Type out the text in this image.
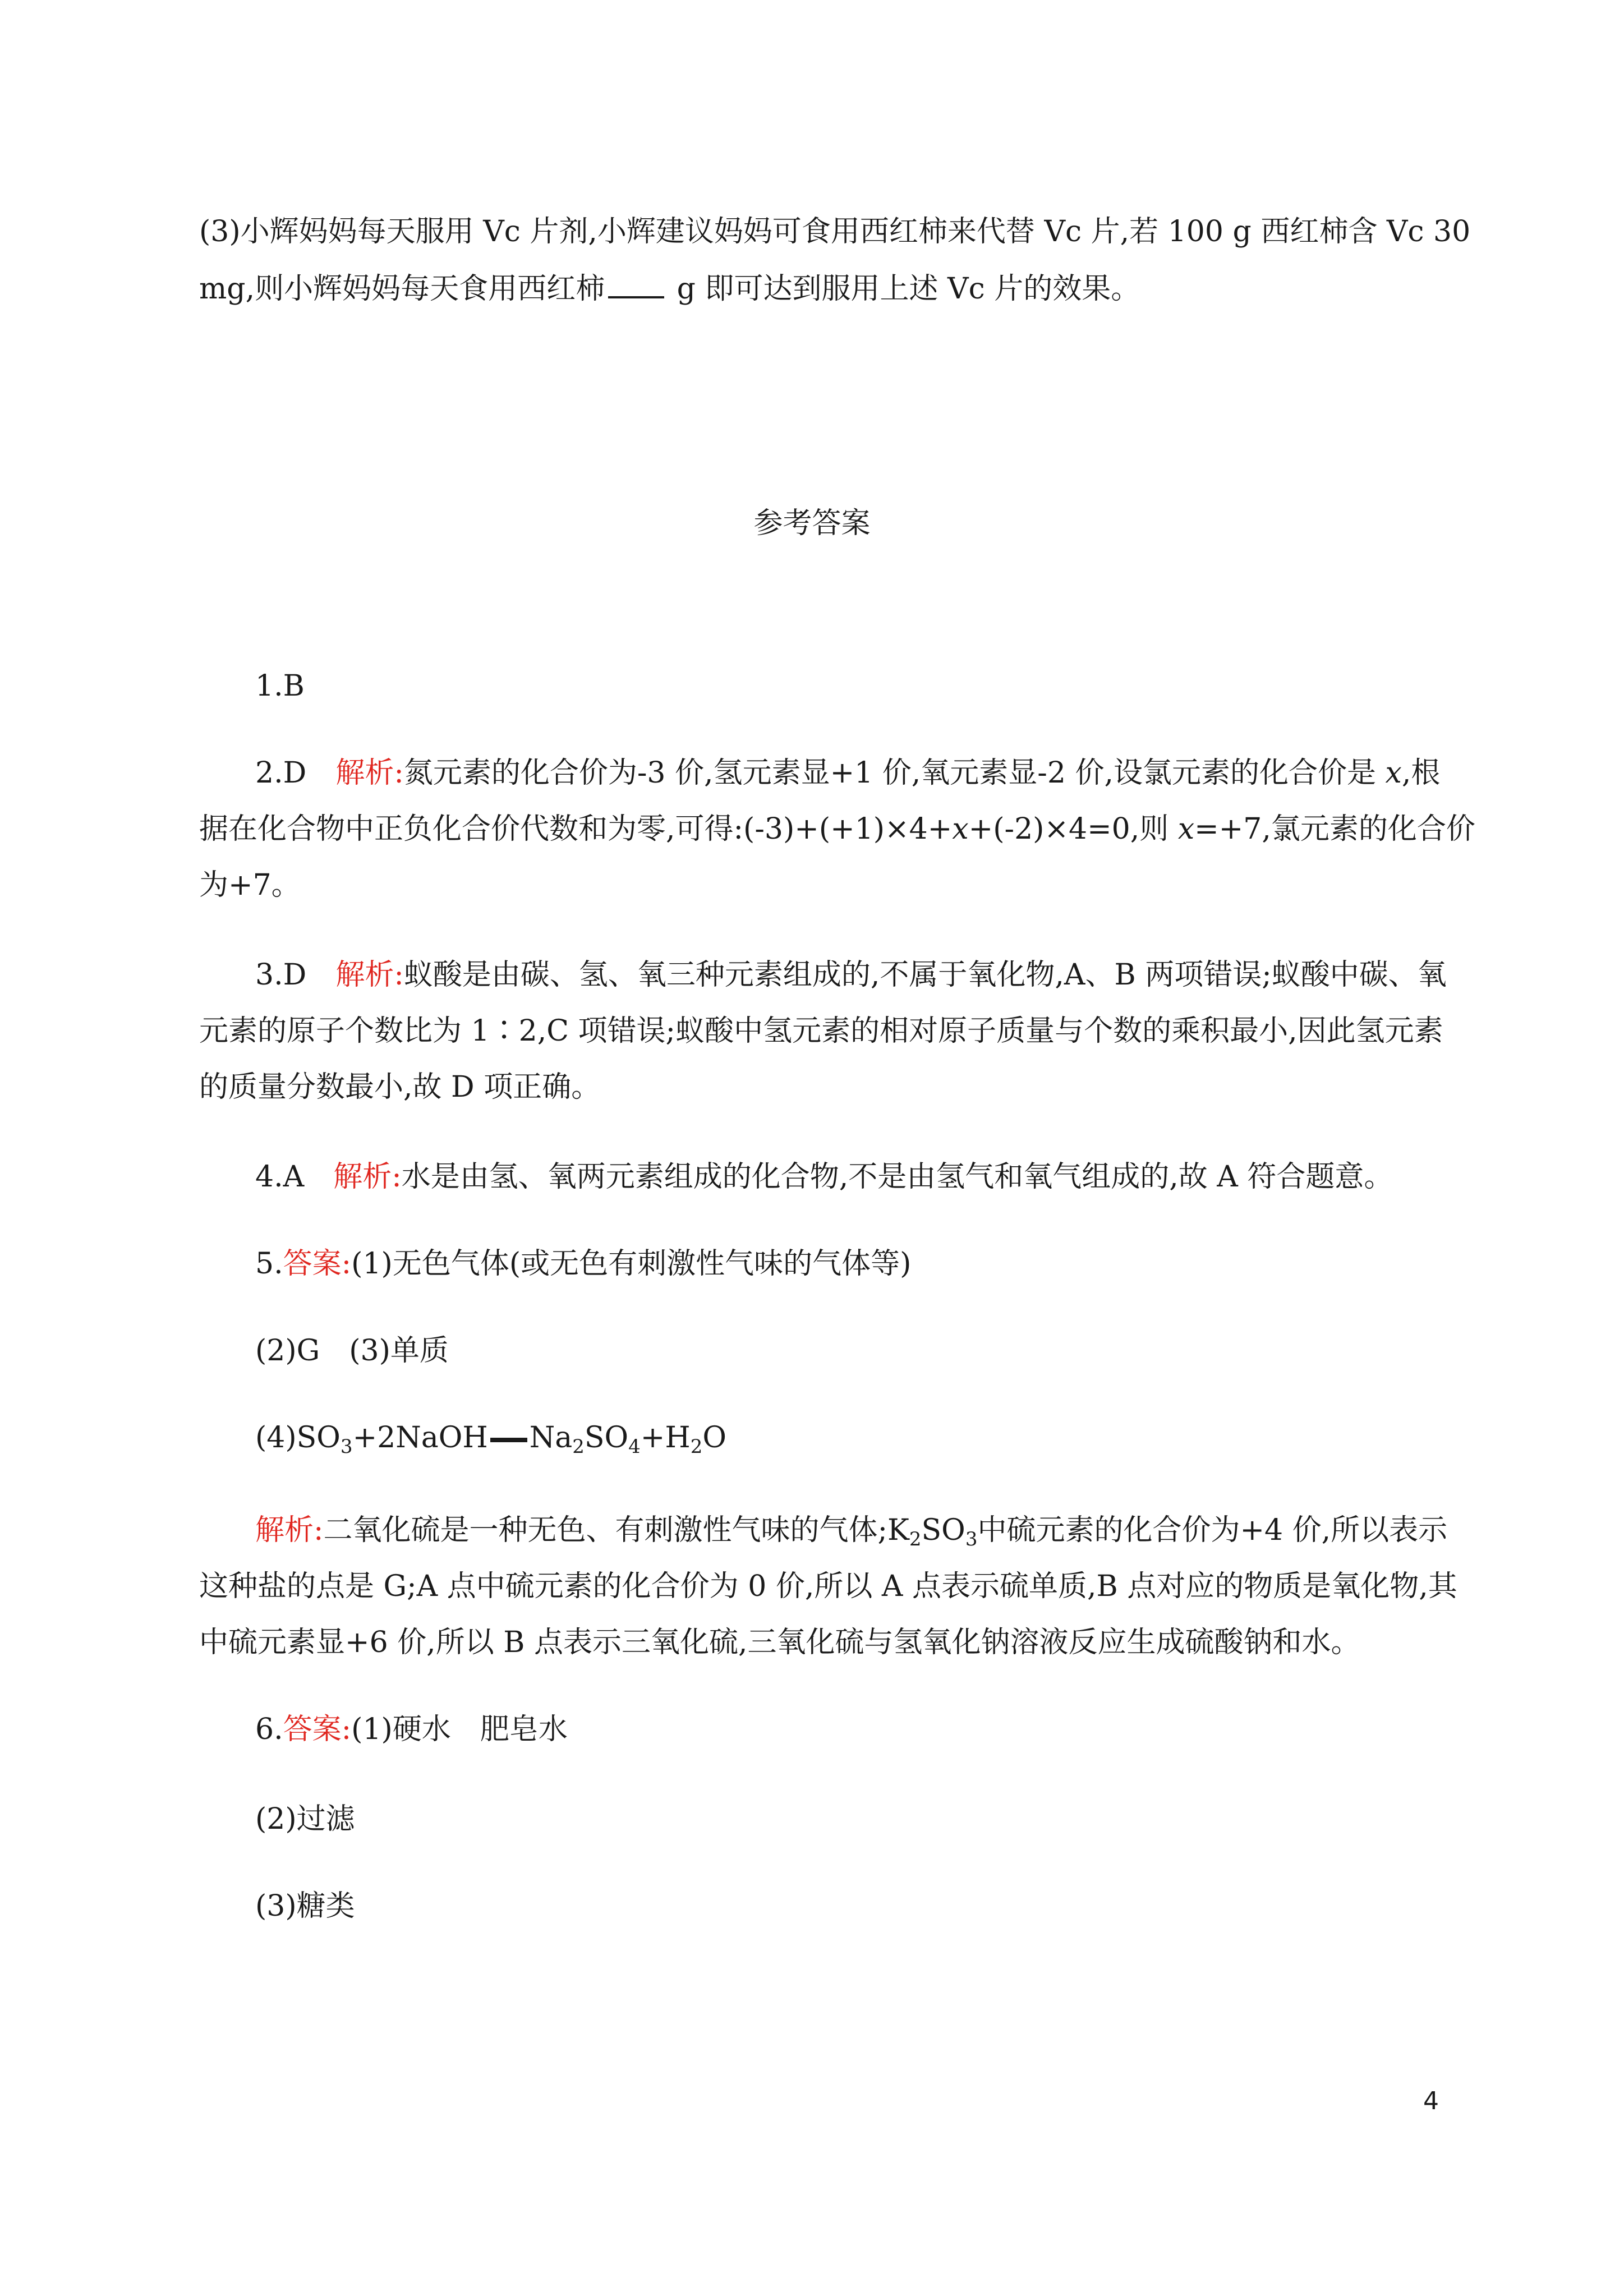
(3)小辉妈妈每天服用 Vc 片剂,小辉建议妈妈可食用西红柿来代替 Vc 片,若 100 g 西红柿含 Vc 30
mg,则小辉妈妈每天食用西红柿 g 即可达到服用上述 Vc 片的效果。
参考答案
1.B
2.D　 解析:氮元素的化合价为-3 价,氢元素显+1 价,氧元素显-2 价,设氯元素的化合价是 x,根
据在化合物中正负化合价代数和为零,可得:(-3)+(+1)×4+x+(-2)×4=0,则 x=+7,氯元素的化合价
为+7。
3.D　 解析:蚁酸是由碳、氢、氧三种元素组成的,不属于氧化物,A、B 两项错误;蚁酸中碳、氧
元素的原子个数比为 1∶2,C 项错误;蚁酸中氢元素的相对原子质量与个数的乘积最小,因此氢元素
的质量分数最小,故 D 项正确。
4.A　 解析:水是由氢、氧两元素组成的化合物,不是由氢气和氧气组成的,故 A 符合题意。
5.答案:(1)无色气体(或无色有刺激性气味的气体等)
(2)G　(3)单质
$(4)SO_3+2NaOH$ $Na_2SO_4+H_2O$
解析:二氧化硫是一种无色、有刺激性气味的气体$;K_2SO_3$中硫元素的化合价为+4 价,所以表示
这种盐的点是 G;A 点中硫元素的化合价为 0 价,所以 A 点表示硫单质,B 点对应的物质是氧化物,其
中硫元素显+6 价,所以 B 点表示三氧化硫,三氧化硫与氢氧化钠溶液反应生成硫酸钠和水。
6.答案:(1)硬水　肥皂水
(2)过滤
(3)糖类
4
